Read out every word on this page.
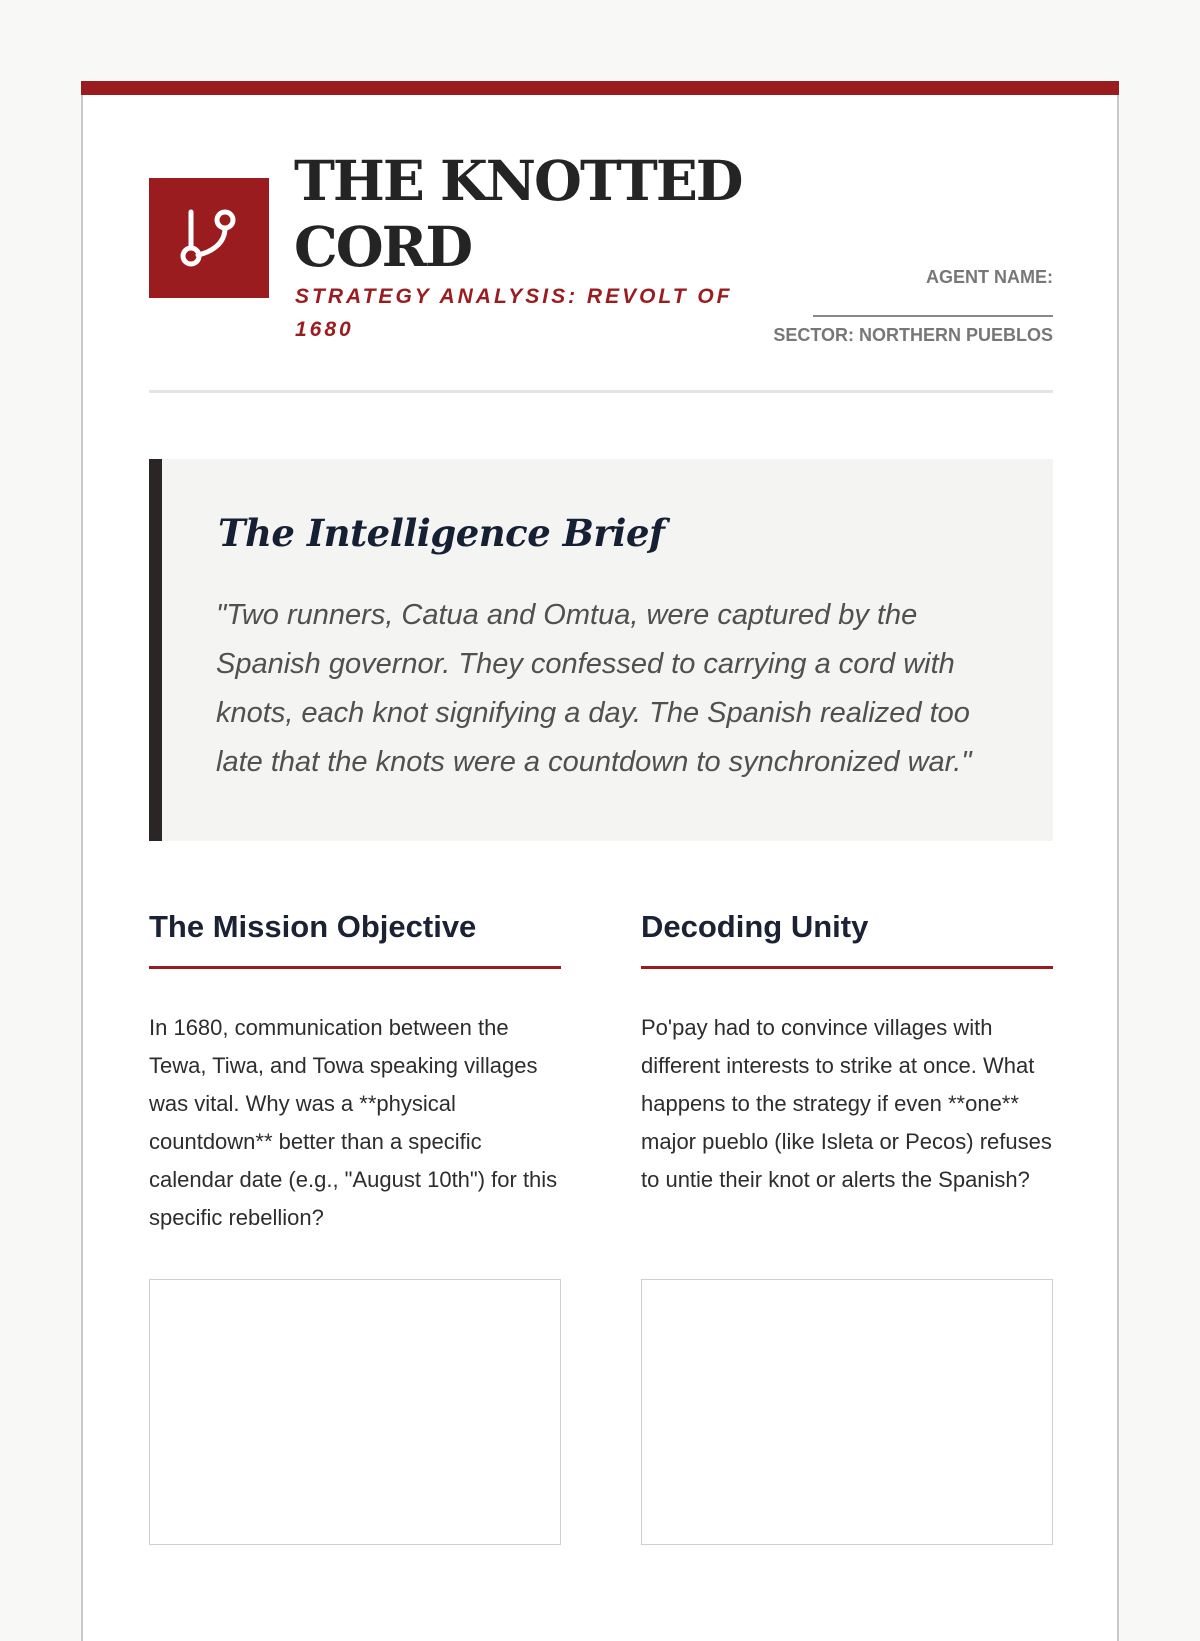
THE KNOTTED CORD
STRATEGY ANALYSIS: REVOLT OF 1680
AGENT NAME:
SECTOR: NORTHERN PUEBLOS
The Intelligence Brief

"Two runners, Catua and Omtua, were captured by the Spanish governor. They confessed to carrying a cord with knots, each knot signifying a day. The Spanish realized too late that the knots were a countdown to synchronized war."

The Mission Objective

In 1680, communication between the Tewa, Tiwa, and Towa speaking villages was vital. Why was a **physical countdown** better than a specific calendar date (e.g., "August 10th") for this specific rebellion?

Decoding Unity

Po'pay had to convince villages with different interests to strike at once. What happens to the strategy if even **one** major pueblo (like Isleta or Pecos) refuses to untie their knot or alerts the Spanish?
